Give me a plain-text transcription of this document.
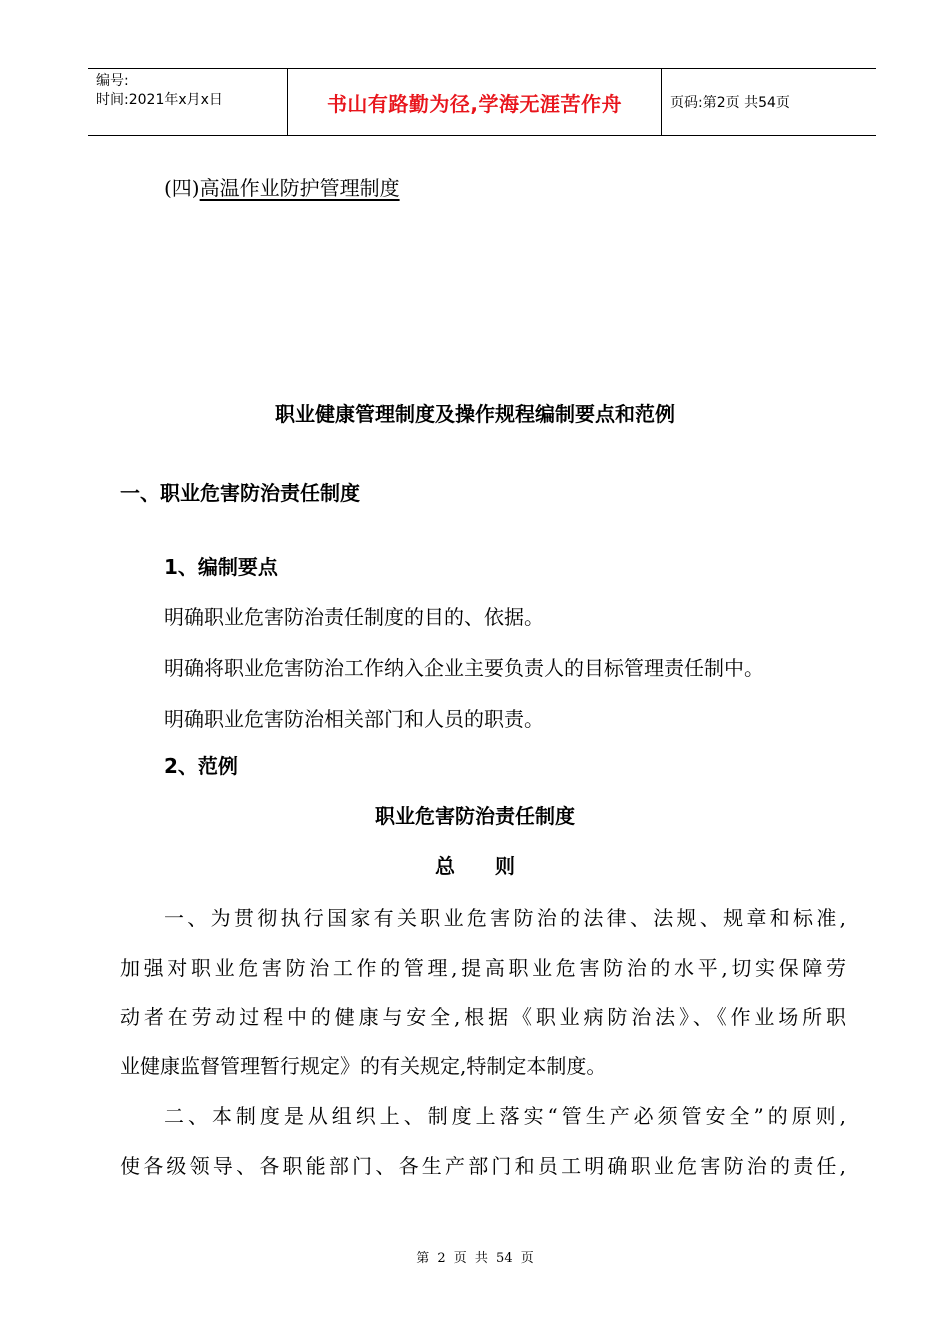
编号:
时间:2021年x月x日	书山有路勤为径,学海无涯苦作舟	页码:第2页 共54页
(四)高温作业防护管理制度
职业健康管理制度及操作规程编制要点和范例
一、职业危害防治责任制度
1、编制要点
明确职业危害防治责任制度的目的、依据。
明确将职业危害防治工作纳入企业主要负责人的目标管理责任制中。
明确职业危害防治相关部门和人员的职责。
2、范例
职业危害防治责任制度
总　　则
一、为贯彻执行国家有关职业危害防治的法律、法规、规章和标准,
加强对职业危害防治工作的管理,提高职业危害防治的水平,切实保障劳
动者在劳动过程中的健康与安全,根据《职业病防治法》、《作业场所职
业健康监督管理暂行规定》的有关规定,特制定本制度。
二、本制度是从组织上、制度上落实“管生产必须管安全”的原则,
使各级领导、各职能部门、各生产部门和员工明确职业危害防治的责任,
第 2 页 共 54 页
